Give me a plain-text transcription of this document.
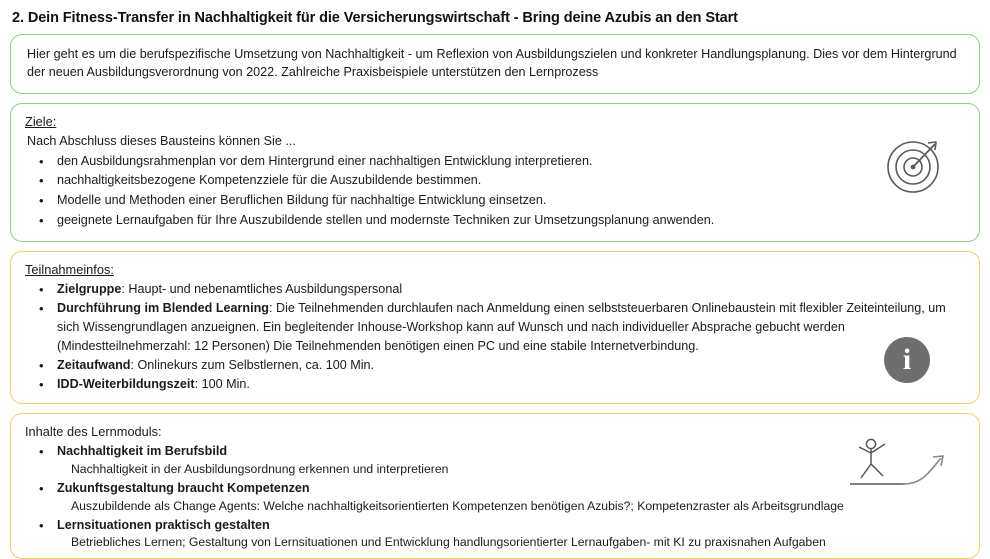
2. Dein Fitness-Transfer in Nachhaltigkeit für die Versicherungswirtschaft - Bring deine Azubis an den Start
Hier geht es um die berufspezifische Umsetzung von Nachhaltigkeit - um Reflexion von Ausbildungszielen und konkreter Handlungsplanung. Dies vor dem Hintergrund der neuen Ausbildungsverordnung von 2022. Zahlreiche Praxisbeispiele unterstützen den Lernprozess
Ziele:
Nach Abschluss dieses Bausteins können Sie ...
• den Ausbildungsrahmenplan vor dem Hintergrund einer nachhaltigen Entwicklung interpretieren.
• nachhaltigkeitsbezogene Kompetenzziele für die Auszubildende bestimmen.
• Modelle und Methoden einer Beruflichen Bildung für nachhaltige Entwicklung einsetzen.
• geeignete Lernaufgaben für Ihre Auszubildende stellen und modernste Techniken zur Umsetzungsplanung anwenden.
Teilnahmeinfos:
• Zielgruppe: Haupt- und nebenamtliches Ausbildungspersonal
• Durchführung im Blended Learning: Die Teilnehmenden durchlaufen nach Anmeldung einen selbststeuerbaren Onlinebaustein mit flexibler Zeiteinteilung, um sich Wissengrundlagen anzueignen. Ein begleitender Inhouse-Workshop kann auf Wunsch und nach individueller Absprache gebucht werden (Mindestteilnehmerzahl: 12 Personen) Die Teilnehmenden benötigen einen PC und eine stabile Internetverbindung.
• Zeitaufwand: Onlinekurs zum Selbstlernen, ca. 100 Min.
• IDD-Weiterbildungszeit: 100 Min.
i
Inhalte des Lernmoduls:
• Nachhaltigkeit im Berufsbild
Nachhaltigkeit in der Ausbildungsordnung erkennen und interpretieren
• Zukunftsgestaltung braucht Kompetenzen
Auszubildende als Change Agents: Welche nachhaltigkeitsorientierten Kompetenzen benötigen Azubis?; Kompetenzraster als Arbeitsgrundlage
• Lernsituationen praktisch gestalten
Betriebliches Lernen; Gestaltung von Lernsituationen und Entwicklung handlungsorientierter Lernaufgaben- mit KI zu praxisnahen Aufgaben
